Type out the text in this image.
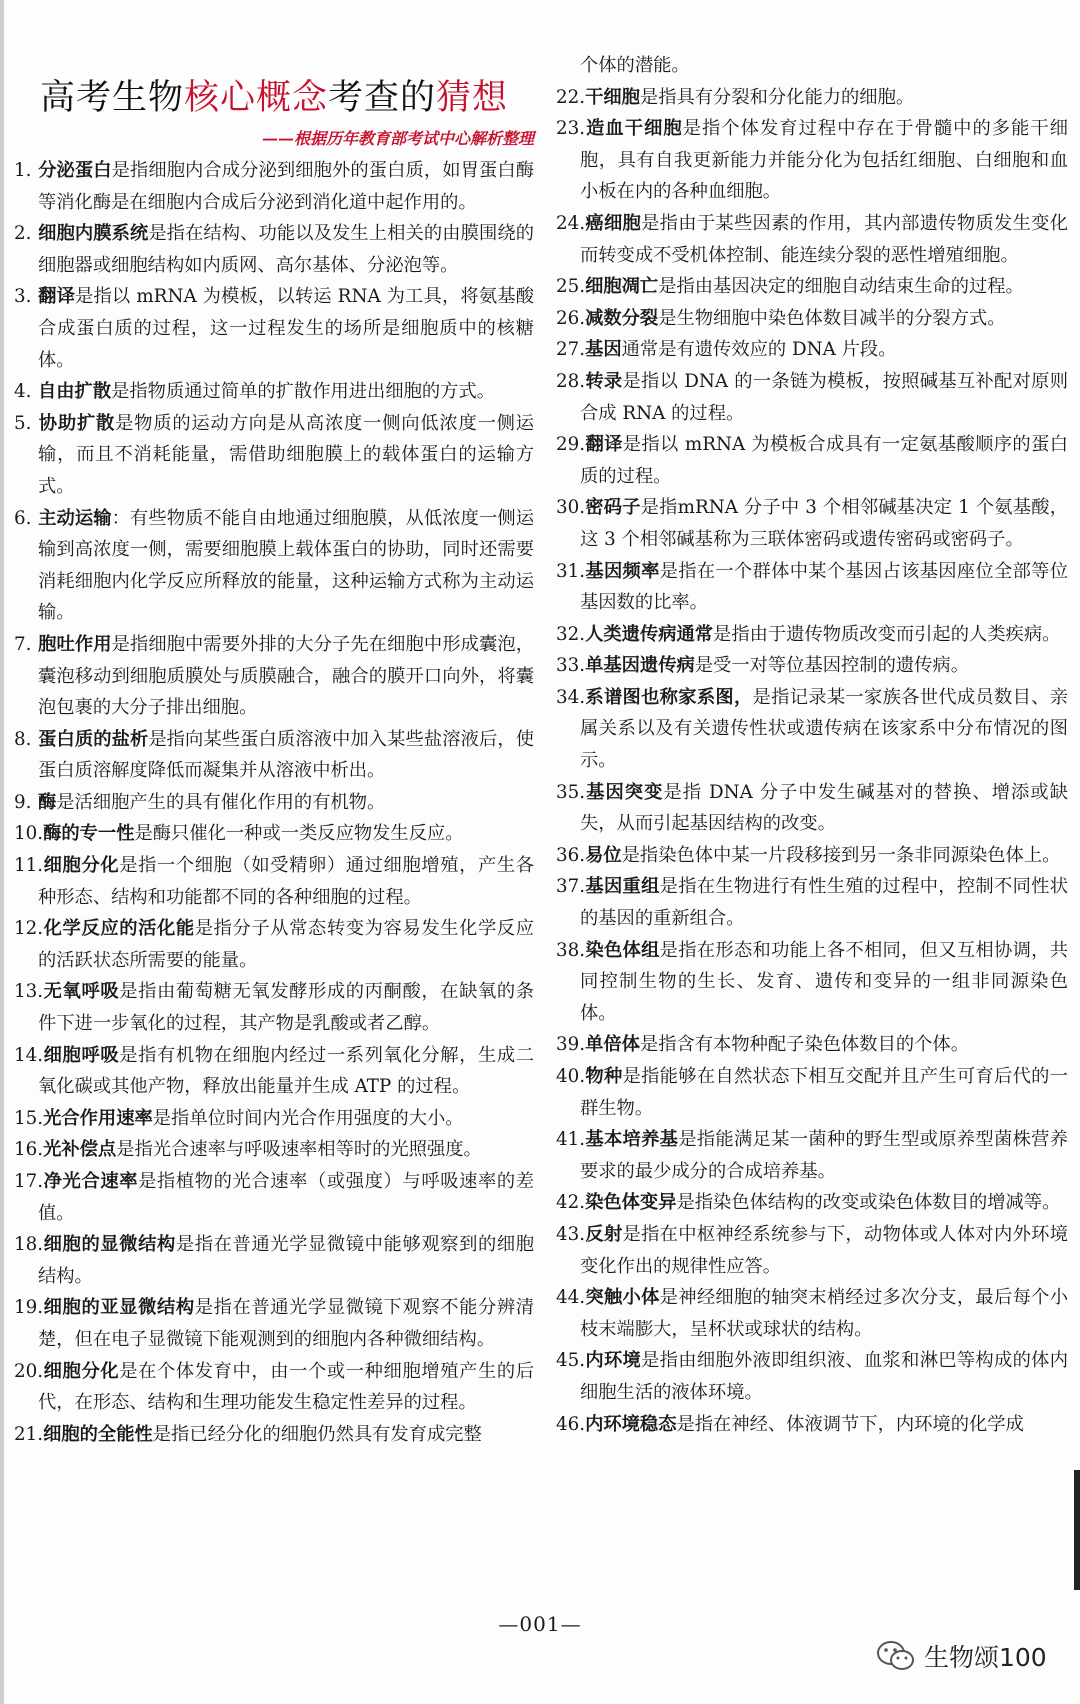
高考生物核心概念考查的猜想
——根据历年教育部考试中心解析整理

1. 分泌蛋白是指细胞内合成分泌到细胞外的蛋白质，如胃蛋白酶等消化酶是在细胞内合成后分泌到消化道中起作用的。

2. 细胞内膜系统是指在结构、功能以及发生上相关的由膜围绕的细胞器或细胞结构如内质网、高尔基体、分泌泡等。

3. 翻译是指以 mRNA 为模板，以转运 RNA 为工具，将氨基酸合成蛋白质的过程，这一过程发生的场所是细胞质中的核糖体。

4. 自由扩散是指物质通过简单的扩散作用进出细胞的方式。

5. 协助扩散是物质的运动方向是从高浓度一侧向低浓度一侧运输，而且不消耗能量，需借助细胞膜上的载体蛋白的运输方式。

6. 主动运输：有些物质不能自由地通过细胞膜，从低浓度一侧运输到高浓度一侧，需要细胞膜上载体蛋白的协助，同时还需要消耗细胞内化学反应所释放的能量，这种运输方式称为主动运输。

7. 胞吐作用是指细胞中需要外排的大分子先在细胞中形成囊泡，囊泡移动到细胞质膜处与质膜融合，融合的膜开口向外，将囊泡包裹的大分子排出细胞。

8. 蛋白质的盐析是指向某些蛋白质溶液中加入某些盐溶液后，使蛋白质溶解度降低而凝集并从溶液中析出。

9. 酶是活细胞产生的具有催化作用的有机物。

10.酶的专一性是酶只催化一种或一类反应物发生反应。

11.细胞分化是指一个细胞（如受精卵）通过细胞增殖，产生各种形态、结构和功能都不同的各种细胞的过程。

12.化学反应的活化能是指分子从常态转变为容易发生化学反应的活跃状态所需要的能量。

13.无氧呼吸是指由葡萄糖无氧发酵形成的丙酮酸，在缺氧的条件下进一步氧化的过程，其产物是乳酸或者乙醇。

14.细胞呼吸是指有机物在细胞内经过一系列氧化分解，生成二氧化碳或其他产物，释放出能量并生成 ATP 的过程。

15.光合作用速率是指单位时间内光合作用强度的大小。

16.光补偿点是指光合速率与呼吸速率相等时的光照强度。

17.净光合速率是指植物的光合速率（或强度）与呼吸速率的差值。

18.细胞的显微结构是指在普通光学显微镜中能够观察到的细胞结构。

19.细胞的亚显微结构是指在普通光学显微镜下观察不能分辨清楚，但在电子显微镜下能观测到的细胞内各种微细结构。

20.细胞分化是在个体发育中，由一个或一种细胞增殖产生的后代，在形态、结构和生理功能发生稳定性差异的过程。

21.细胞的全能性是指已经分化的细胞仍然具有发育成完整

个体的潜能。

22.干细胞是指具有分裂和分化能力的细胞。

23.造血干细胞是指个体发育过程中存在于骨髓中的多能干细胞，具有自我更新能力并能分化为包括红细胞、白细胞和血小板在内的各种血细胞。

24.癌细胞是指由于某些因素的作用，其内部遗传物质发生变化而转变成不受机体控制、能连续分裂的恶性增殖细胞。

25.细胞凋亡是指由基因决定的细胞自动结束生命的过程。

26.减数分裂是生物细胞中染色体数目减半的分裂方式。

27.基因通常是有遗传效应的 DNA 片段。

28.转录是指以 DNA 的一条链为模板，按照碱基互补配对原则合成 RNA 的过程。

29.翻译是指以 mRNA 为模板合成具有一定氨基酸顺序的蛋白质的过程。

30.密码子是指mRNA 分子中 3 个相邻碱基决定 1 个氨基酸，这 3 个相邻碱基称为三联体密码或遗传密码或密码子。

31.基因频率是指在一个群体中某个基因占该基因座位全部等位基因数的比率。

32.人类遗传病通常是指由于遗传物质改变而引起的人类疾病。

33.单基因遗传病是受一对等位基因控制的遗传病。

34.系谱图也称家系图，是指记录某一家族各世代成员数目、亲属关系以及有关遗传性状或遗传病在该家系中分布情况的图示。

35.基因突变是指 DNA 分子中发生碱基对的替换、增添或缺失，从而引起基因结构的改变。

36.易位是指染色体中某一片段移接到另一条非同源染色体上。

37.基因重组是指在生物进行有性生殖的过程中，控制不同性状的基因的重新组合。

38.染色体组是指在形态和功能上各不相同，但又互相协调，共同控制生物的生长、发育、遗传和变异的一组非同源染色体。

39.单倍体是指含有本物种配子染色体数目的个体。

40.物种是指能够在自然状态下相互交配并且产生可育后代的一群生物。

41.基本培养基是指能满足某一菌种的野生型或原养型菌株营养要求的最少成分的合成培养基。

42.染色体变异是指染色体结构的改变或染色体数目的增减等。

43.反射是指在中枢神经系统参与下，动物体或人体对内外环境变化作出的规律性应答。

44.突触小体是神经细胞的轴突末梢经过多次分支，最后每个小枝末端膨大，呈杯状或球状的结构。

45.内环境是指由细胞外液即组织液、血浆和淋巴等构成的体内细胞生活的液体环境。

46.内环境稳态是指在神经、体液调节下，内环境的化学成

—001—
生物颂100
